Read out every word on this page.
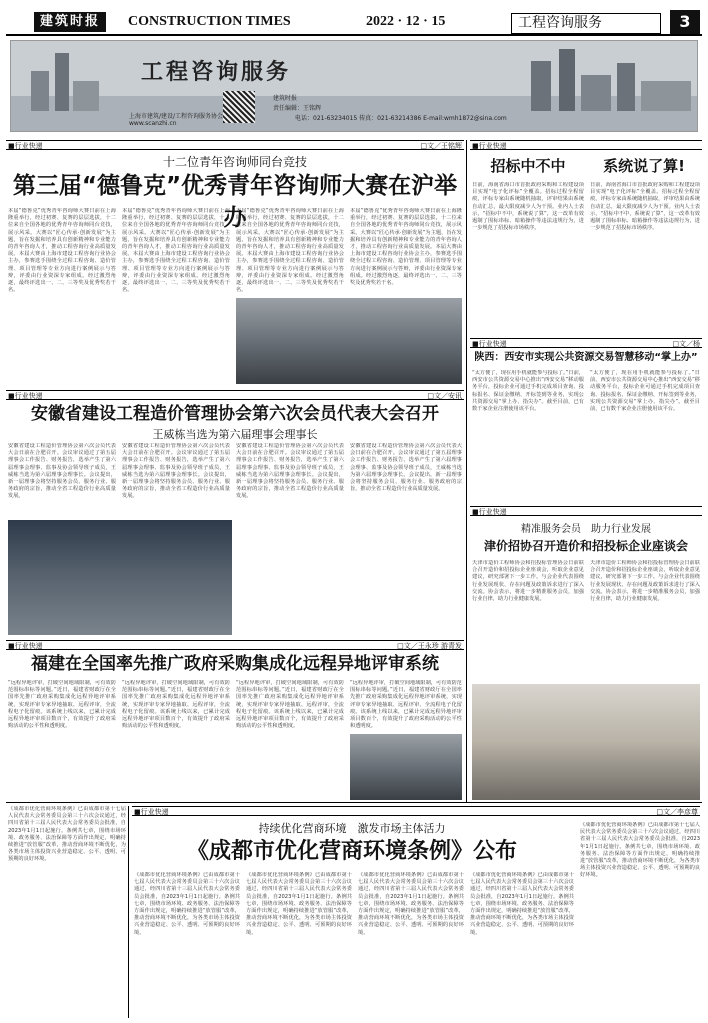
建筑时报	CONSTRUCTION TIMES	2022 · 12 · 15	工程咨询服务	3
工程咨询服务
上海市建筑/建设/工程咨询服务协会
www.scanzhi.cn
建筑时报
责任编辑：王铭辉
电话：021-63234015 传真：021-63214386 E-mail:wmh1872@sina.com
■行业快递	□文／王铭辉
十二位青年咨询师同台竞技
第三届“德鲁克”优秀青年咨询师大赛在沪举办
本届“德鲁克”优秀青年咨询师大赛日前在上海隆重举行，经过初赛、复赛的层层选拔，十二位来自全国各地的优秀青年咨询师同台竞技，展示风采。大赛以“匠心传承·创新发展”为主题，旨在发掘和培养具有创新精神和专业能力的青年咨询人才，推动工程咨询行业高质量发展。本届大赛由上海市建设工程咨询行业协会主办，参赛选手围绕全过程工程咨询、造价管理、项目管理等专业方向进行案例展示与答辩，评委由行业资深专家组成。经过激烈角逐，最终评选出一、二、三等奖及优秀奖若干名。
本届“德鲁克”优秀青年咨询师大赛日前在上海隆重举行，经过初赛、复赛的层层选拔，十二位来自全国各地的优秀青年咨询师同台竞技，展示风采。大赛以“匠心传承·创新发展”为主题，旨在发掘和培养具有创新精神和专业能力的青年咨询人才，推动工程咨询行业高质量发展。本届大赛由上海市建设工程咨询行业协会主办，参赛选手围绕全过程工程咨询、造价管理、项目管理等专业方向进行案例展示与答辩，评委由行业资深专家组成。经过激烈角逐，最终评选出一、二、三等奖及优秀奖若干名。
本届“德鲁克”优秀青年咨询师大赛日前在上海隆重举行，经过初赛、复赛的层层选拔，十二位来自全国各地的优秀青年咨询师同台竞技，展示风采。大赛以“匠心传承·创新发展”为主题，旨在发掘和培养具有创新精神和专业能力的青年咨询人才，推动工程咨询行业高质量发展。本届大赛由上海市建设工程咨询行业协会主办，参赛选手围绕全过程工程咨询、造价管理、项目管理等专业方向进行案例展示与答辩，评委由行业资深专家组成。经过激烈角逐，最终评选出一、二、三等奖及优秀奖若干名。
本届“德鲁克”优秀青年咨询师大赛日前在上海隆重举行，经过初赛、复赛的层层选拔，十二位来自全国各地的优秀青年咨询师同台竞技，展示风采。大赛以“匠心传承·创新发展”为主题，旨在发掘和培养具有创新精神和专业能力的青年咨询人才，推动工程咨询行业高质量发展。本届大赛由上海市建设工程咨询行业协会主办，参赛选手围绕全过程工程咨询、造价管理、项目管理等专业方向进行案例展示与答辩，评委由行业资深专家组成。经过激烈角逐，最终评选出一、二、三等奖及优秀奖若干名。
■行业快递	□文／安讯
安徽省建设工程造价管理协会第六次会员代表大会召开
王威栋当选为第六届理事会理事长
安徽省建设工程造价管理协会第六次会员代表大会日前在合肥召开。会议审议通过了第五届理事会工作报告、财务报告，选举产生了第六届理事会理事、监事及协会领导班子成员，王威栋当选为第六届理事会理事长。会议提出，新一届理事会将坚持服务会员、服务行业、服务政府的宗旨，推动全省工程造价行业高质量发展。
安徽省建设工程造价管理协会第六次会员代表大会日前在合肥召开。会议审议通过了第五届理事会工作报告、财务报告，选举产生了第六届理事会理事、监事及协会领导班子成员，王威栋当选为第六届理事会理事长。会议提出，新一届理事会将坚持服务会员、服务行业、服务政府的宗旨，推动全省工程造价行业高质量发展。
安徽省建设工程造价管理协会第六次会员代表大会日前在合肥召开。会议审议通过了第五届理事会工作报告、财务报告，选举产生了第六届理事会理事、监事及协会领导班子成员，王威栋当选为第六届理事会理事长。会议提出，新一届理事会将坚持服务会员、服务行业、服务政府的宗旨，推动全省工程造价行业高质量发展。
安徽省建设工程造价管理协会第六次会员代表大会日前在合肥召开。会议审议通过了第五届理事会工作报告、财务报告，选举产生了第六届理事会理事、监事及协会领导班子成员，王威栋当选为第六届理事会理事长。会议提出，新一届理事会将坚持服务会员、服务行业、服务政府的宗旨，推动全省工程造价行业高质量发展。
■行业快递	□文／王永珍 游青发
福建在全国率先推广政府采购集成化远程异地评审系统
“远程异地评审，打破空间地域限制，可有效防范围标串标等问题。”近日，福建省财政厅在全国率先推广政府采购集成化远程异地评审系统，实现评审专家异地抽取、远程评审，全流程电子化留痕。该系统上线以来，已累计完成远程异地评审项目数百个，有效提升了政府采购活动的公平性和透明度。
“远程异地评审，打破空间地域限制，可有效防范围标串标等问题。”近日，福建省财政厅在全国率先推广政府采购集成化远程异地评审系统，实现评审专家异地抽取、远程评审，全流程电子化留痕。该系统上线以来，已累计完成远程异地评审项目数百个，有效提升了政府采购活动的公平性和透明度。
“远程异地评审，打破空间地域限制，可有效防范围标串标等问题。”近日，福建省财政厅在全国率先推广政府采购集成化远程异地评审系统，实现评审专家异地抽取、远程评审，全流程电子化留痕。该系统上线以来，已累计完成远程异地评审项目数百个，有效提升了政府采购活动的公平性和透明度。
“远程异地评审，打破空间地域限制，可有效防范围标串标等问题。”近日，福建省财政厅在全国率先推广政府采购集成化远程异地评审系统，实现评审专家异地抽取、远程评审，全流程电子化留痕。该系统上线以来，已累计完成远程异地评审项目数百个，有效提升了政府采购活动的公平性和透明度。
《成都市优化营商环境条例》已由成都市第十七届人民代表大会常务委员会第三十六次会议通过，经四川省第十三届人民代表大会常务委员会批准，自2023年1月1日起施行。条例共七章，围绕市场环境、政务服务、法治保障等方面作出规定，明确持续推进“放管服”改革，推动营商环境不断优化，为各类市场主体投资兴业营造稳定、公平、透明、可预期的良好环境。
■行业快递	□文／李彦尊
持续优化营商环境　激发市场主体活力
《成都市优化营商环境条例》公布
《成都市优化营商环境条例》已由成都市第十七届人民代表大会常务委员会第三十六次会议通过，经四川省第十三届人民代表大会常务委员会批准，自2023年1月1日起施行。条例共七章，围绕市场环境、政务服务、法治保障等方面作出规定，明确持续推进“放管服”改革，推动营商环境不断优化，为各类市场主体投资兴业营造稳定、公平、透明、可预期的良好环境。
《成都市优化营商环境条例》已由成都市第十七届人民代表大会常务委员会第三十六次会议通过，经四川省第十三届人民代表大会常务委员会批准，自2023年1月1日起施行。条例共七章，围绕市场环境、政务服务、法治保障等方面作出规定，明确持续推进“放管服”改革，推动营商环境不断优化，为各类市场主体投资兴业营造稳定、公平、透明、可预期的良好环境。
《成都市优化营商环境条例》已由成都市第十七届人民代表大会常务委员会第三十六次会议通过，经四川省第十三届人民代表大会常务委员会批准，自2023年1月1日起施行。条例共七章，围绕市场环境、政务服务、法治保障等方面作出规定，明确持续推进“放管服”改革，推动营商环境不断优化，为各类市场主体投资兴业营造稳定、公平、透明、可预期的良好环境。
《成都市优化营商环境条例》已由成都市第十七届人民代表大会常务委员会第三十六次会议通过，经四川省第十三届人民代表大会常务委员会批准，自2023年1月1日起施行。条例共七章，围绕市场环境、政务服务、法治保障等方面作出规定，明确持续推进“放管服”改革，推动营商环境不断优化，为各类市场主体投资兴业营造稳定、公平、透明、可预期的良好环境。
《成都市优化营商环境条例》已由成都市第十七届人民代表大会常务委员会第三十六次会议通过，经四川省第十三届人民代表大会常务委员会批准，自2023年1月1日起施行。条例共七章，围绕市场环境、政务服务、法治保障等方面作出规定，明确持续推进“放管服”改革，推动营商环境不断优化，为各类市场主体投资兴业营造稳定、公平、透明、可预期的良好环境。
■行业快递
招标中不中	系统说了算!
日前，海南省海口市首批政府采购和工程建设项目实现“电子化评标”全覆盖。招标过程全程留痕，评标专家由系统随机抽取，评审结果由系统自动汇总，最大限度减少人为干预。业内人士表示，“招标中不中，系统说了算”，这一改革有效遏制了围标串标、暗箱操作等违法违规行为，进一步规范了招投标市场秩序。
日前，海南省海口市首批政府采购和工程建设项目实现“电子化评标”全覆盖。招标过程全程留痕，评标专家由系统随机抽取，评审结果由系统自动汇总，最大限度减少人为干预。业内人士表示，“招标中不中，系统说了算”，这一改革有效遏制了围标串标、暗箱操作等违法违规行为，进一步规范了招投标市场秩序。
■行业快递	□文／杨
陕西：西安市实现公共资源交易智慧移动“掌上办”
“太方便了，现在用手机就能参与投标了。”日前，西安市公共资源交易中心推出“西安交易”移动服务平台，投标企业可通过手机完成项目查询、投标报名、保证金缴纳、开标签到等业务，实现公共资源交易“掌上办、指尖办”。截至目前，已有数千家企业注册使用该平台。
“太方便了，现在用手机就能参与投标了。”日前，西安市公共资源交易中心推出“西安交易”移动服务平台，投标企业可通过手机完成项目查询、投标报名、保证金缴纳、开标签到等业务，实现公共资源交易“掌上办、指尖办”。截至目前，已有数千家企业注册使用该平台。
■行业快递
精准服务会员　助力行业发展
津价招协召开造价和招投标企业座谈会
天津市造价工程师协会和招投标管理协会日前联合召开造价和招投标企业座谈会，听取企业意见建议，研究部署下一步工作。与会企业代表围绕行业发展现状、存在问题及政策诉求进行了深入交流。协会表示，将进一步精准服务会员，加强行业自律，助力行业健康发展。
天津市造价工程师协会和招投标管理协会日前联合召开造价和招投标企业座谈会，听取企业意见建议，研究部署下一步工作。与会企业代表围绕行业发展现状、存在问题及政策诉求进行了深入交流。协会表示，将进一步精准服务会员，加强行业自律，助力行业健康发展。
